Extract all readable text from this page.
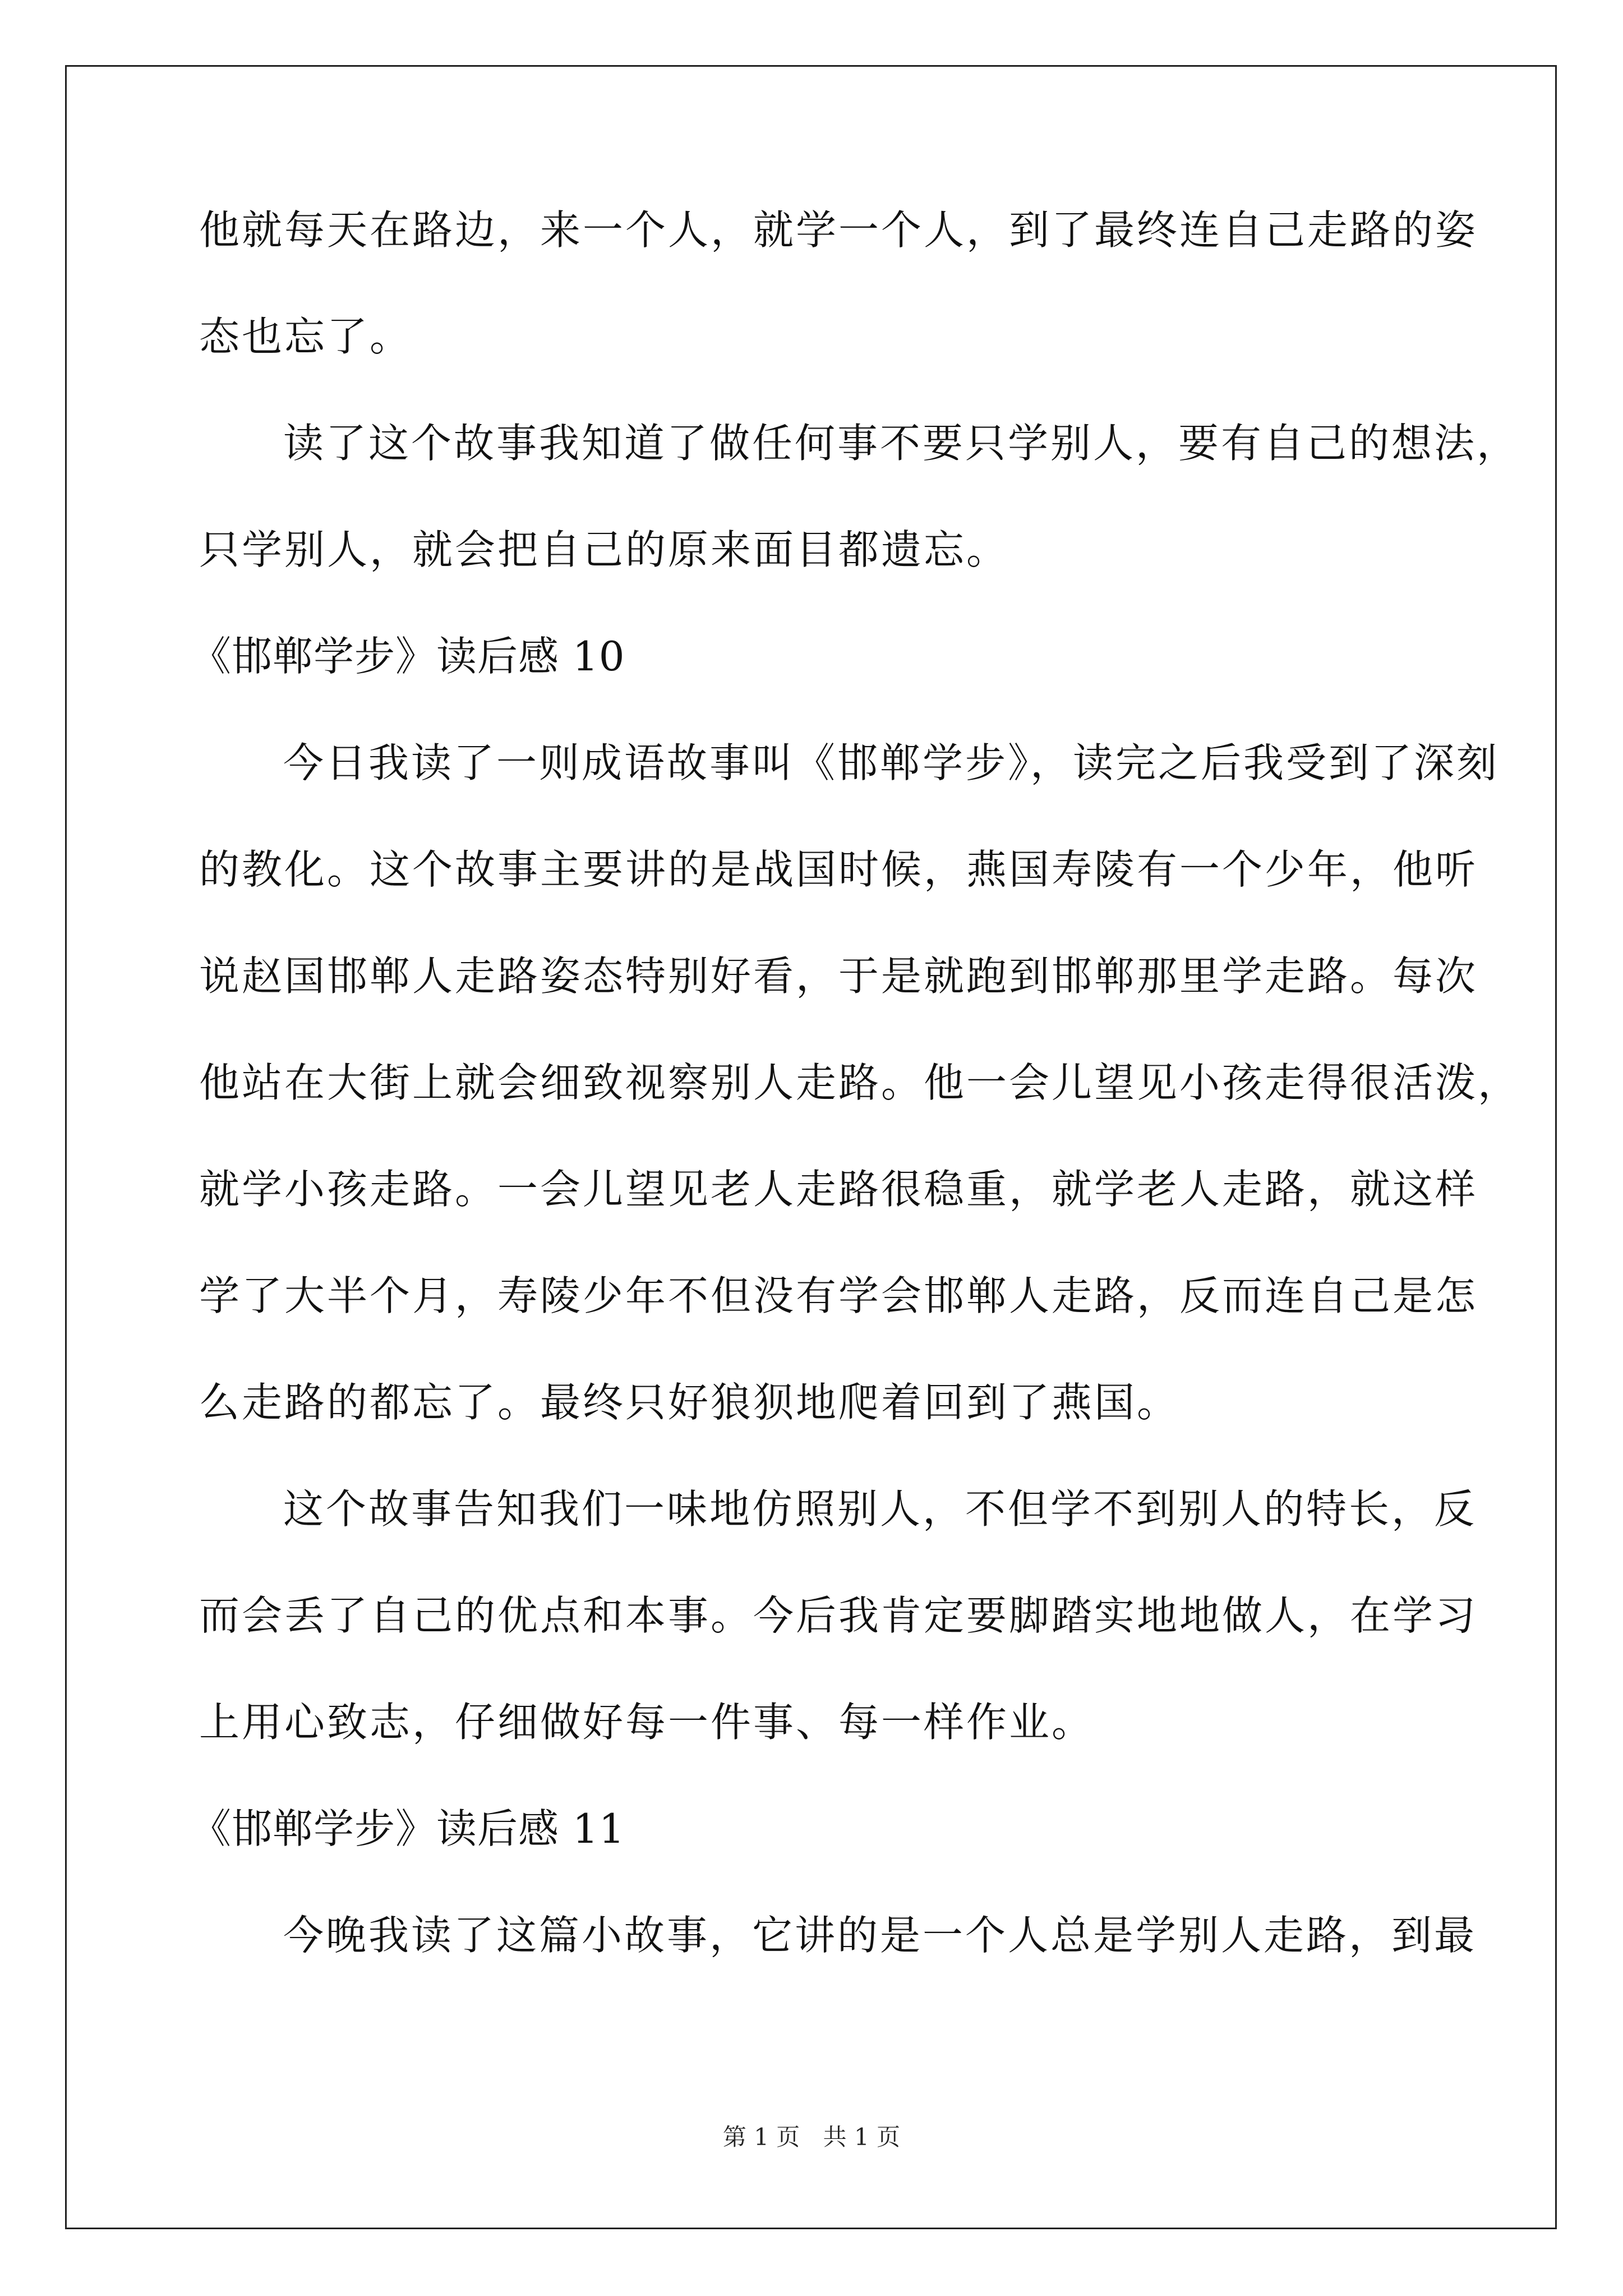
他就每天在路边，来一个人，就学一个人，到了最终连自己走路的姿
态也忘了。
读了这个故事我知道了做任何事不要只学别人，要有自己的想法，
只学别人，就会把自己的原来面目都遗忘。
《邯郸学步》读后感 10
今日我读了一则成语故事叫《邯郸学步》，读完之后我受到了深刻
的教化。这个故事主要讲的是战国时候，燕国寿陵有一个少年，他听
说赵国邯郸人走路姿态特别好看，于是就跑到邯郸那里学走路。每次
他站在大街上就会细致视察别人走路。他一会儿望见小孩走得很活泼，
就学小孩走路。一会儿望见老人走路很稳重，就学老人走路，就这样
学了大半个月，寿陵少年不但没有学会邯郸人走路，反而连自己是怎
么走路的都忘了。最终只好狼狈地爬着回到了燕国。
这个故事告知我们一味地仿照别人，不但学不到别人的特长，反
而会丢了自己的优点和本事。今后我肯定要脚踏实地地做人，在学习
上用心致志，仔细做好每一件事、每一样作业。
《邯郸学步》读后感 11
今晚我读了这篇小故事，它讲的是一个人总是学别人走路，到最
第 1 页 共 1 页
